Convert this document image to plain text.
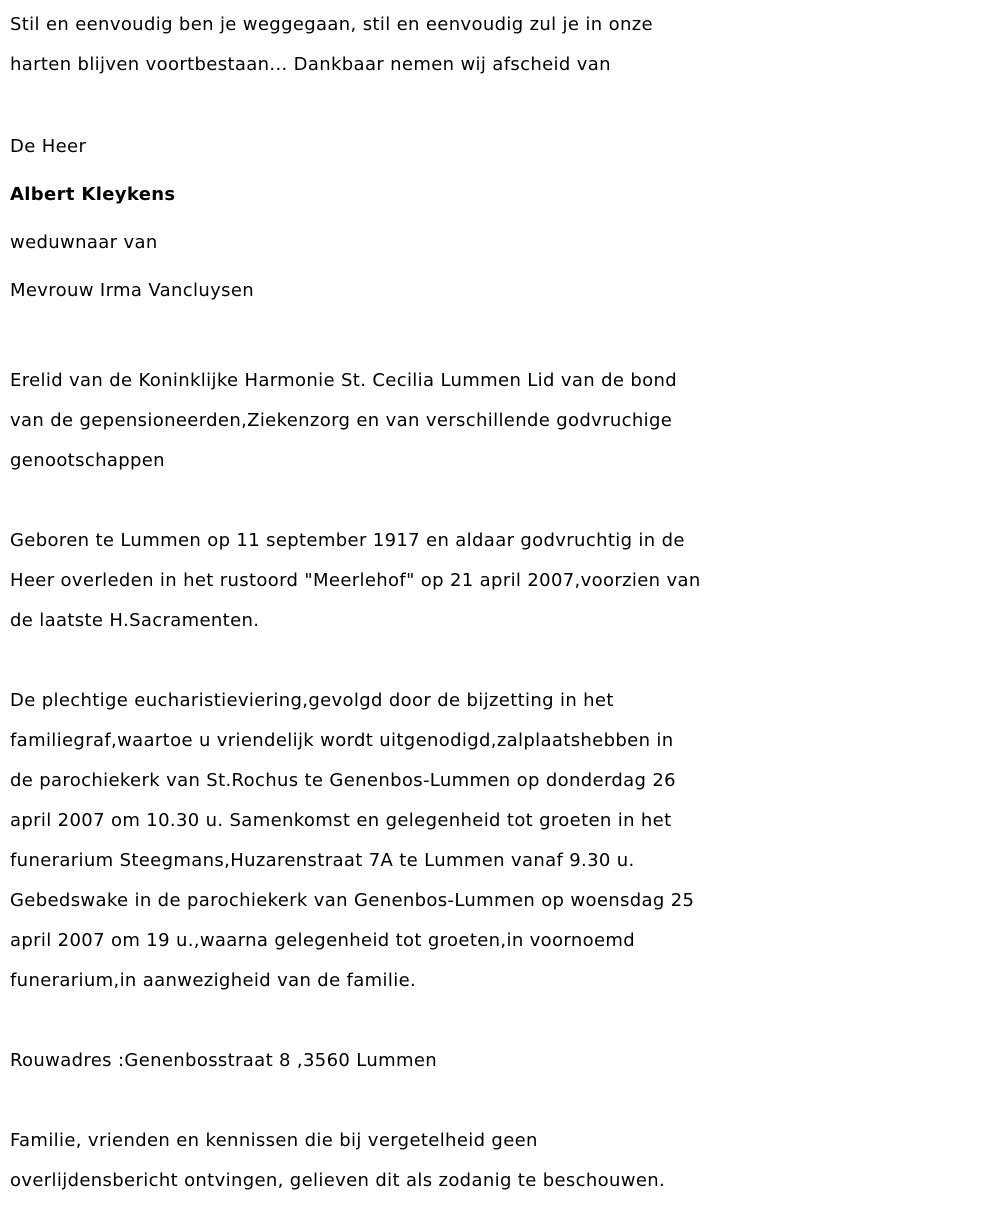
Stil en eenvoudig ben je weggegaan, stil en eenvoudig zul je in onze
harten blijven voortbestaan... Dankbaar nemen wij afscheid van
De Heer
Albert Kleykens
weduwnaar van
Mevrouw Irma Vancluysen
Erelid van de Koninklijke Harmonie St. Cecilia Lummen Lid van de bond
van de gepensioneerden,Ziekenzorg en van verschillende godvruchige
genootschappen
Geboren te Lummen op 11 september 1917 en aldaar godvruchtig in de
Heer overleden in het rustoord "Meerlehof" op 21 april 2007,voorzien van
de laatste H.Sacramenten.
De plechtige eucharistieviering,gevolgd door de bijzetting in het
familiegraf,waartoe u vriendelijk wordt uitgenodigd,zalplaatshebben in
de parochiekerk van St.Rochus te Genenbos-Lummen op donderdag 26
april 2007 om 10.30 u. Samenkomst en gelegenheid tot groeten in het
funerarium Steegmans,Huzarenstraat 7A te Lummen vanaf 9.30 u.
Gebedswake in de parochiekerk van Genenbos-Lummen op woensdag 25
april 2007 om 19 u.,waarna gelegenheid tot groeten,in voornoemd
funerarium,in aanwezigheid van de familie.
Rouwadres :Genenbosstraat 8 ,3560 Lummen
Familie, vrienden en kennissen die bij vergetelheid geen
overlijdensbericht ontvingen, gelieven dit als zodanig te beschouwen.
